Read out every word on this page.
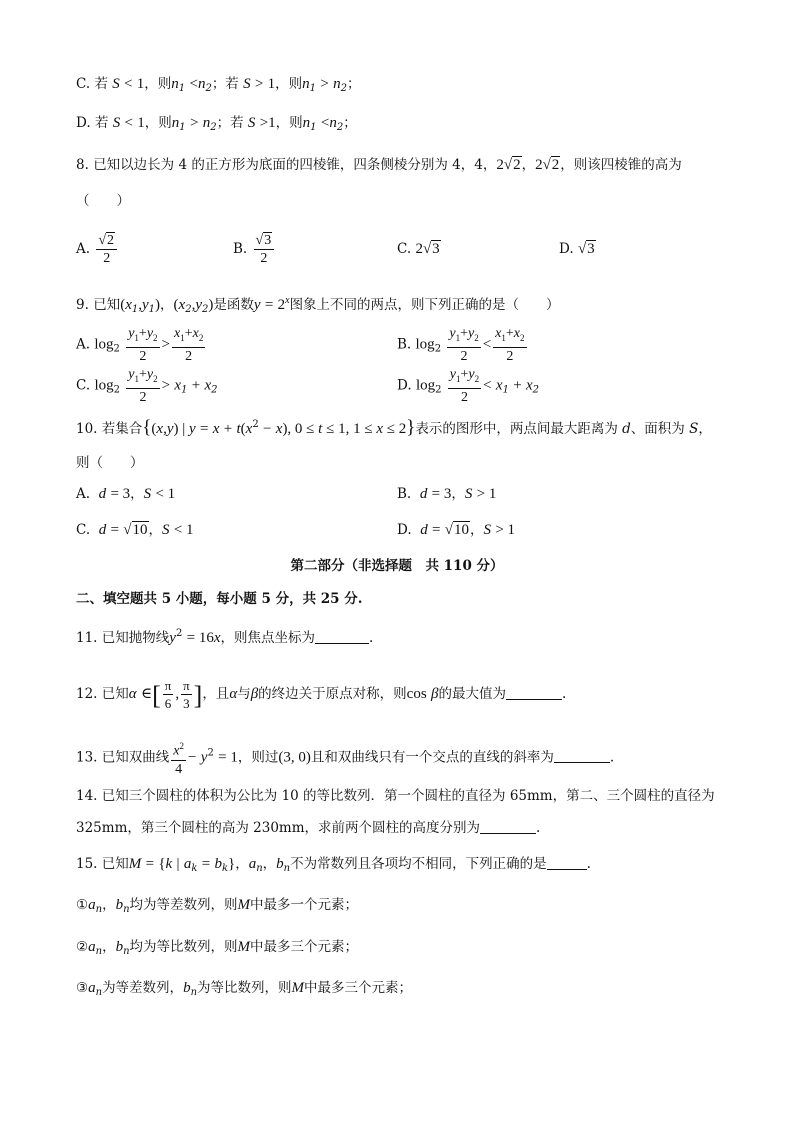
C. 若 S < 1，则$n_1 <n_2$；若 S > 1，则$n_1 > n_2$；
D. 若 S < 1，则$n_1 > n_2$；若 S >1，则$n_1 <n_2$；
8. 已知以边长为 4 的正方形为底面的四棱锥，四条侧棱分别为 4，4，2√2，2√2，则该四棱锥的高为
（　　）
A. $\frac{√2}{2}$	B. $\frac{√3}{2}$	C. 2√3	D. √3
9. 已知$(x_1,y_1)$，$(x_2,y_2)$是函数$y = 2^x$图象上不同的两点，则下列正确的是（　　）
A. $\log_2 \frac{y_1+y_2}{2} > \frac{x_1+x_2}{2}$	B. $\log_2 \frac{y_1+y_2}{2} < \frac{x_1+x_2}{2}$
C. $\log_2 \frac{y_1+y_2}{2} > x_1 + x_2$	D. $\log_2 \frac{y_1+y_2}{2} < x_1 + x_2$
10. 若集合{(x,y) | $y = x + t(x^2 - x)$, 0 ≤ t ≤ 1, 1 ≤ x ≤ 2}表示的图形中，两点间最大距离为 d、面积为 S，
则（　　）
A. d = 3，S < 1	B. d = 3，S > 1
C. d = √10，S < 1	D. d = √10，S > 1
第二部分（非选择题　共 110 分）
二、填空题共 5 小题，每小题 5 分，共 25 分.
11. 已知抛物线$y^2 = 16x$，则焦点坐标为	.
12. 已知α ∈[ $\frac{\pi}{6}$ , $\frac{\pi}{3}$ ]，且α与β的终边关于原点对称，则cos β的最大值为	.
13. 已知双曲线 $\frac{x^2}{4} - y^2 = 1$，则过(3, 0)且和双曲线只有一个交点的直线的斜率为	.
14. 已知三个圆柱的体积为公比为 10 的等比数列．第一个圆柱的直径为 65mm，第二、三个圆柱的直径为
325mm，第三个圆柱的高为 230mm，求前两个圆柱的高度分别为	.
15. 已知M = {k | $a_k = b_k$}，$a_n$，$b_n$不为常数列且各项均不相同，下列正确的是	.
$①a_n$，$b_n$均为等差数列，则M中最多一个元素；
$②a_n$，$b_n$均为等比数列，则M中最多三个元素；
$③a_n$为等差数列，$b_n$为等比数列，则M中最多三个元素；
